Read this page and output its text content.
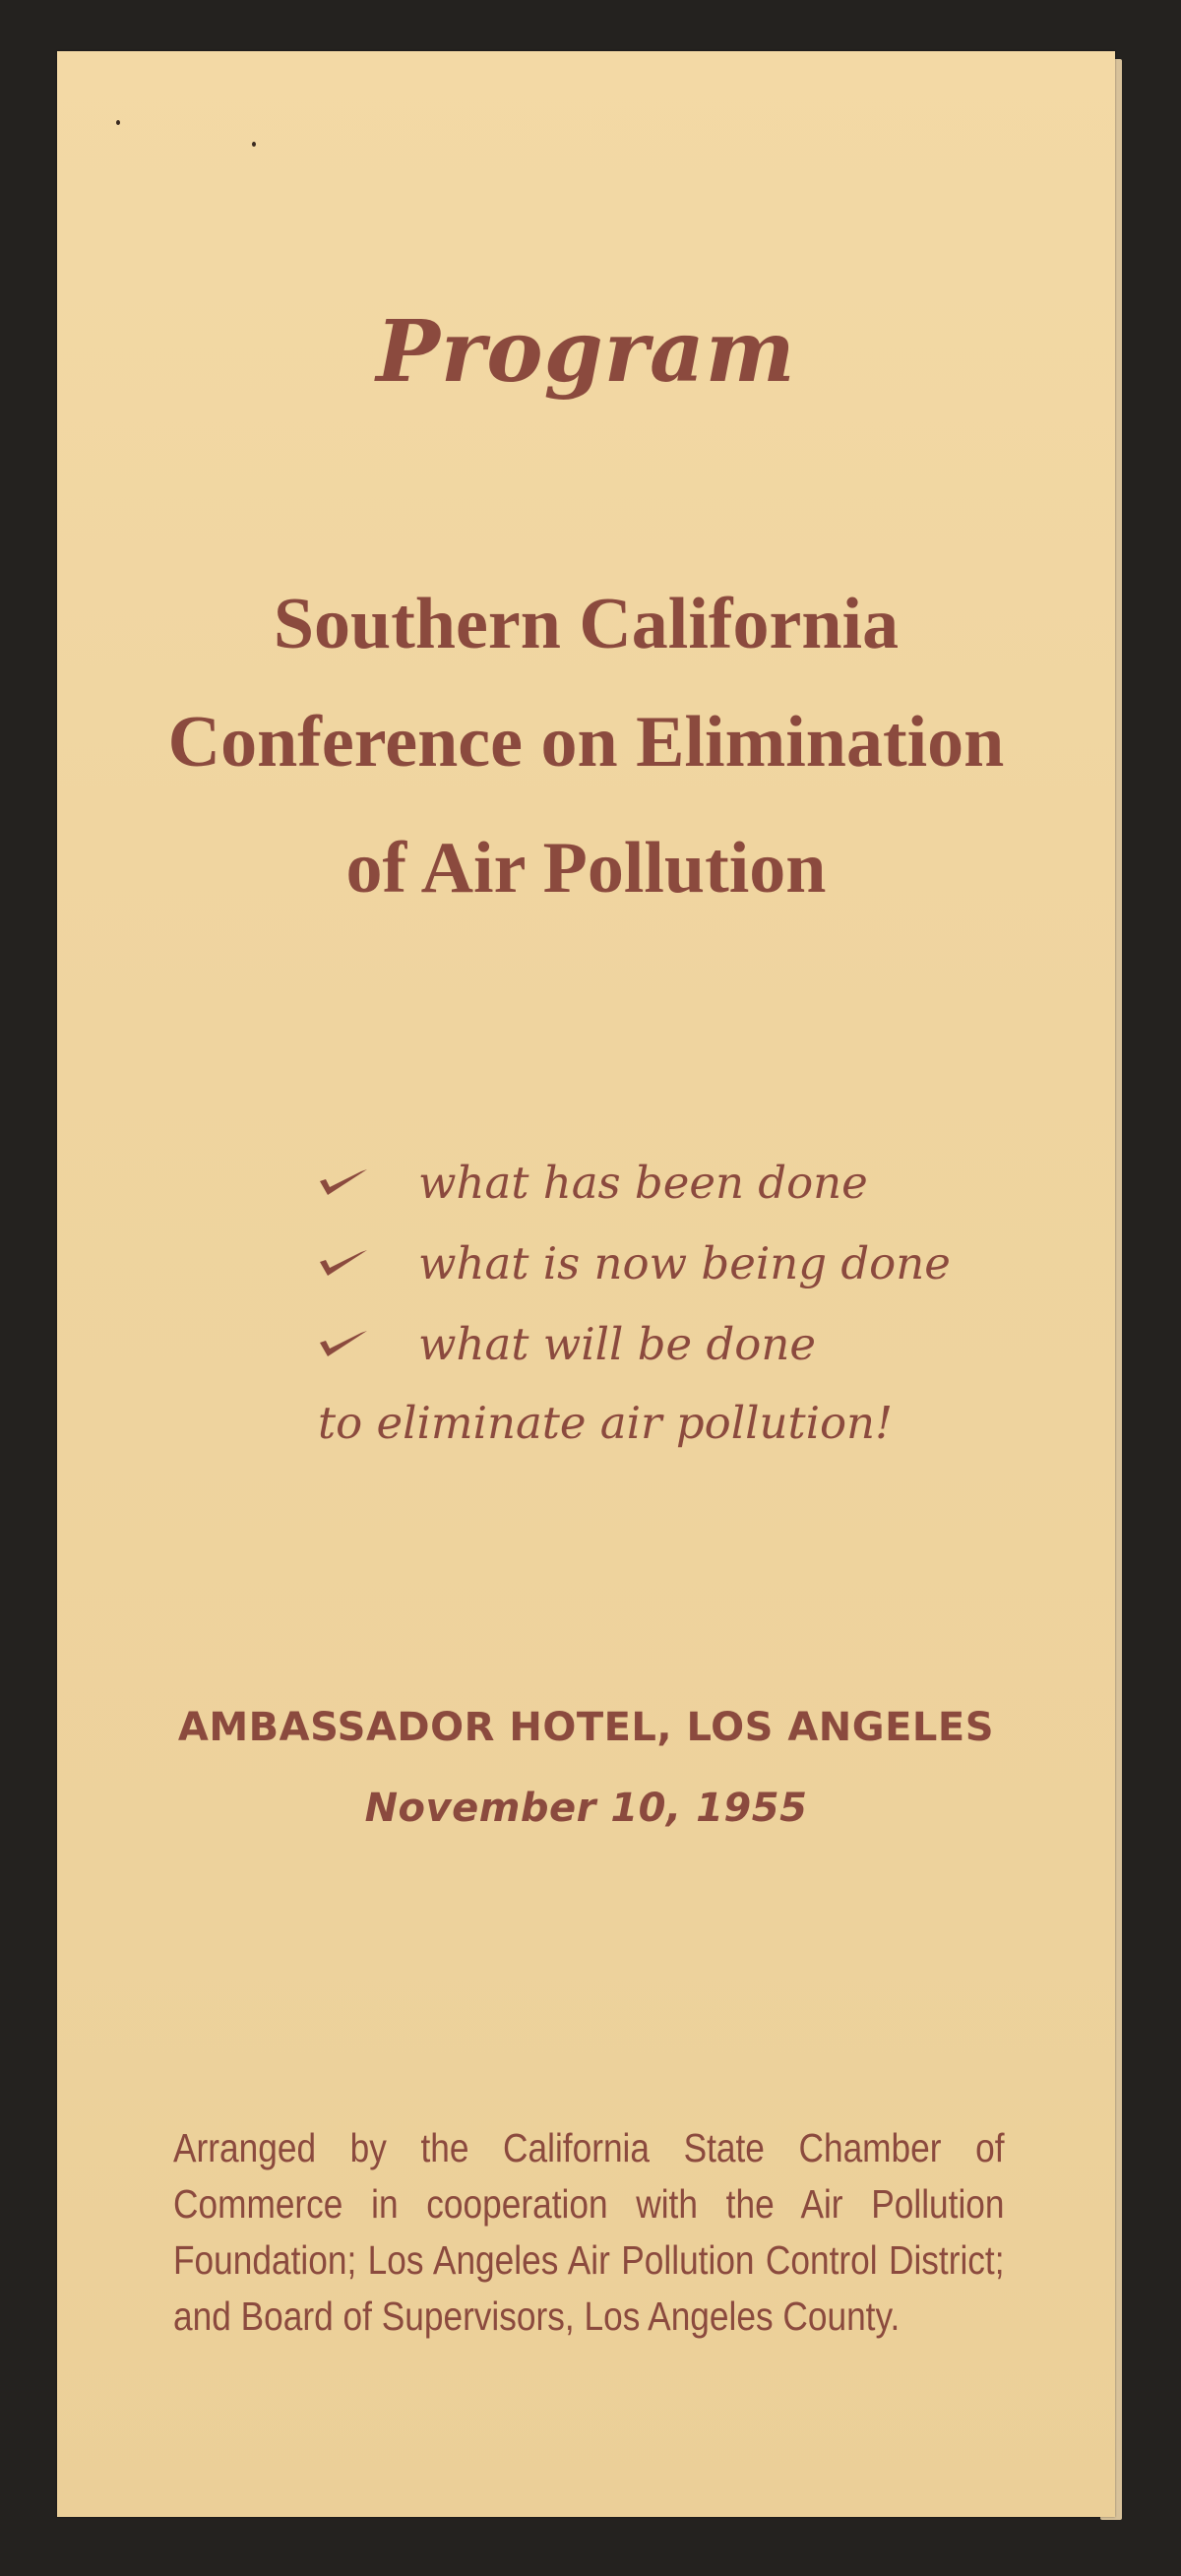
Program
Southern California
Conference on Elimination
of Air Pollution
what has been done
what is now being done
what will be done
to eliminate air pollution!
AMBASSADOR HOTEL, LOS ANGELES
November 10, 1955

Arranged by the California State Chamber of Commerce in cooperation with the Air Pollution Foundation; Los Angeles Air Pollution Control District; and Board of Supervisors, Los Angeles County.
